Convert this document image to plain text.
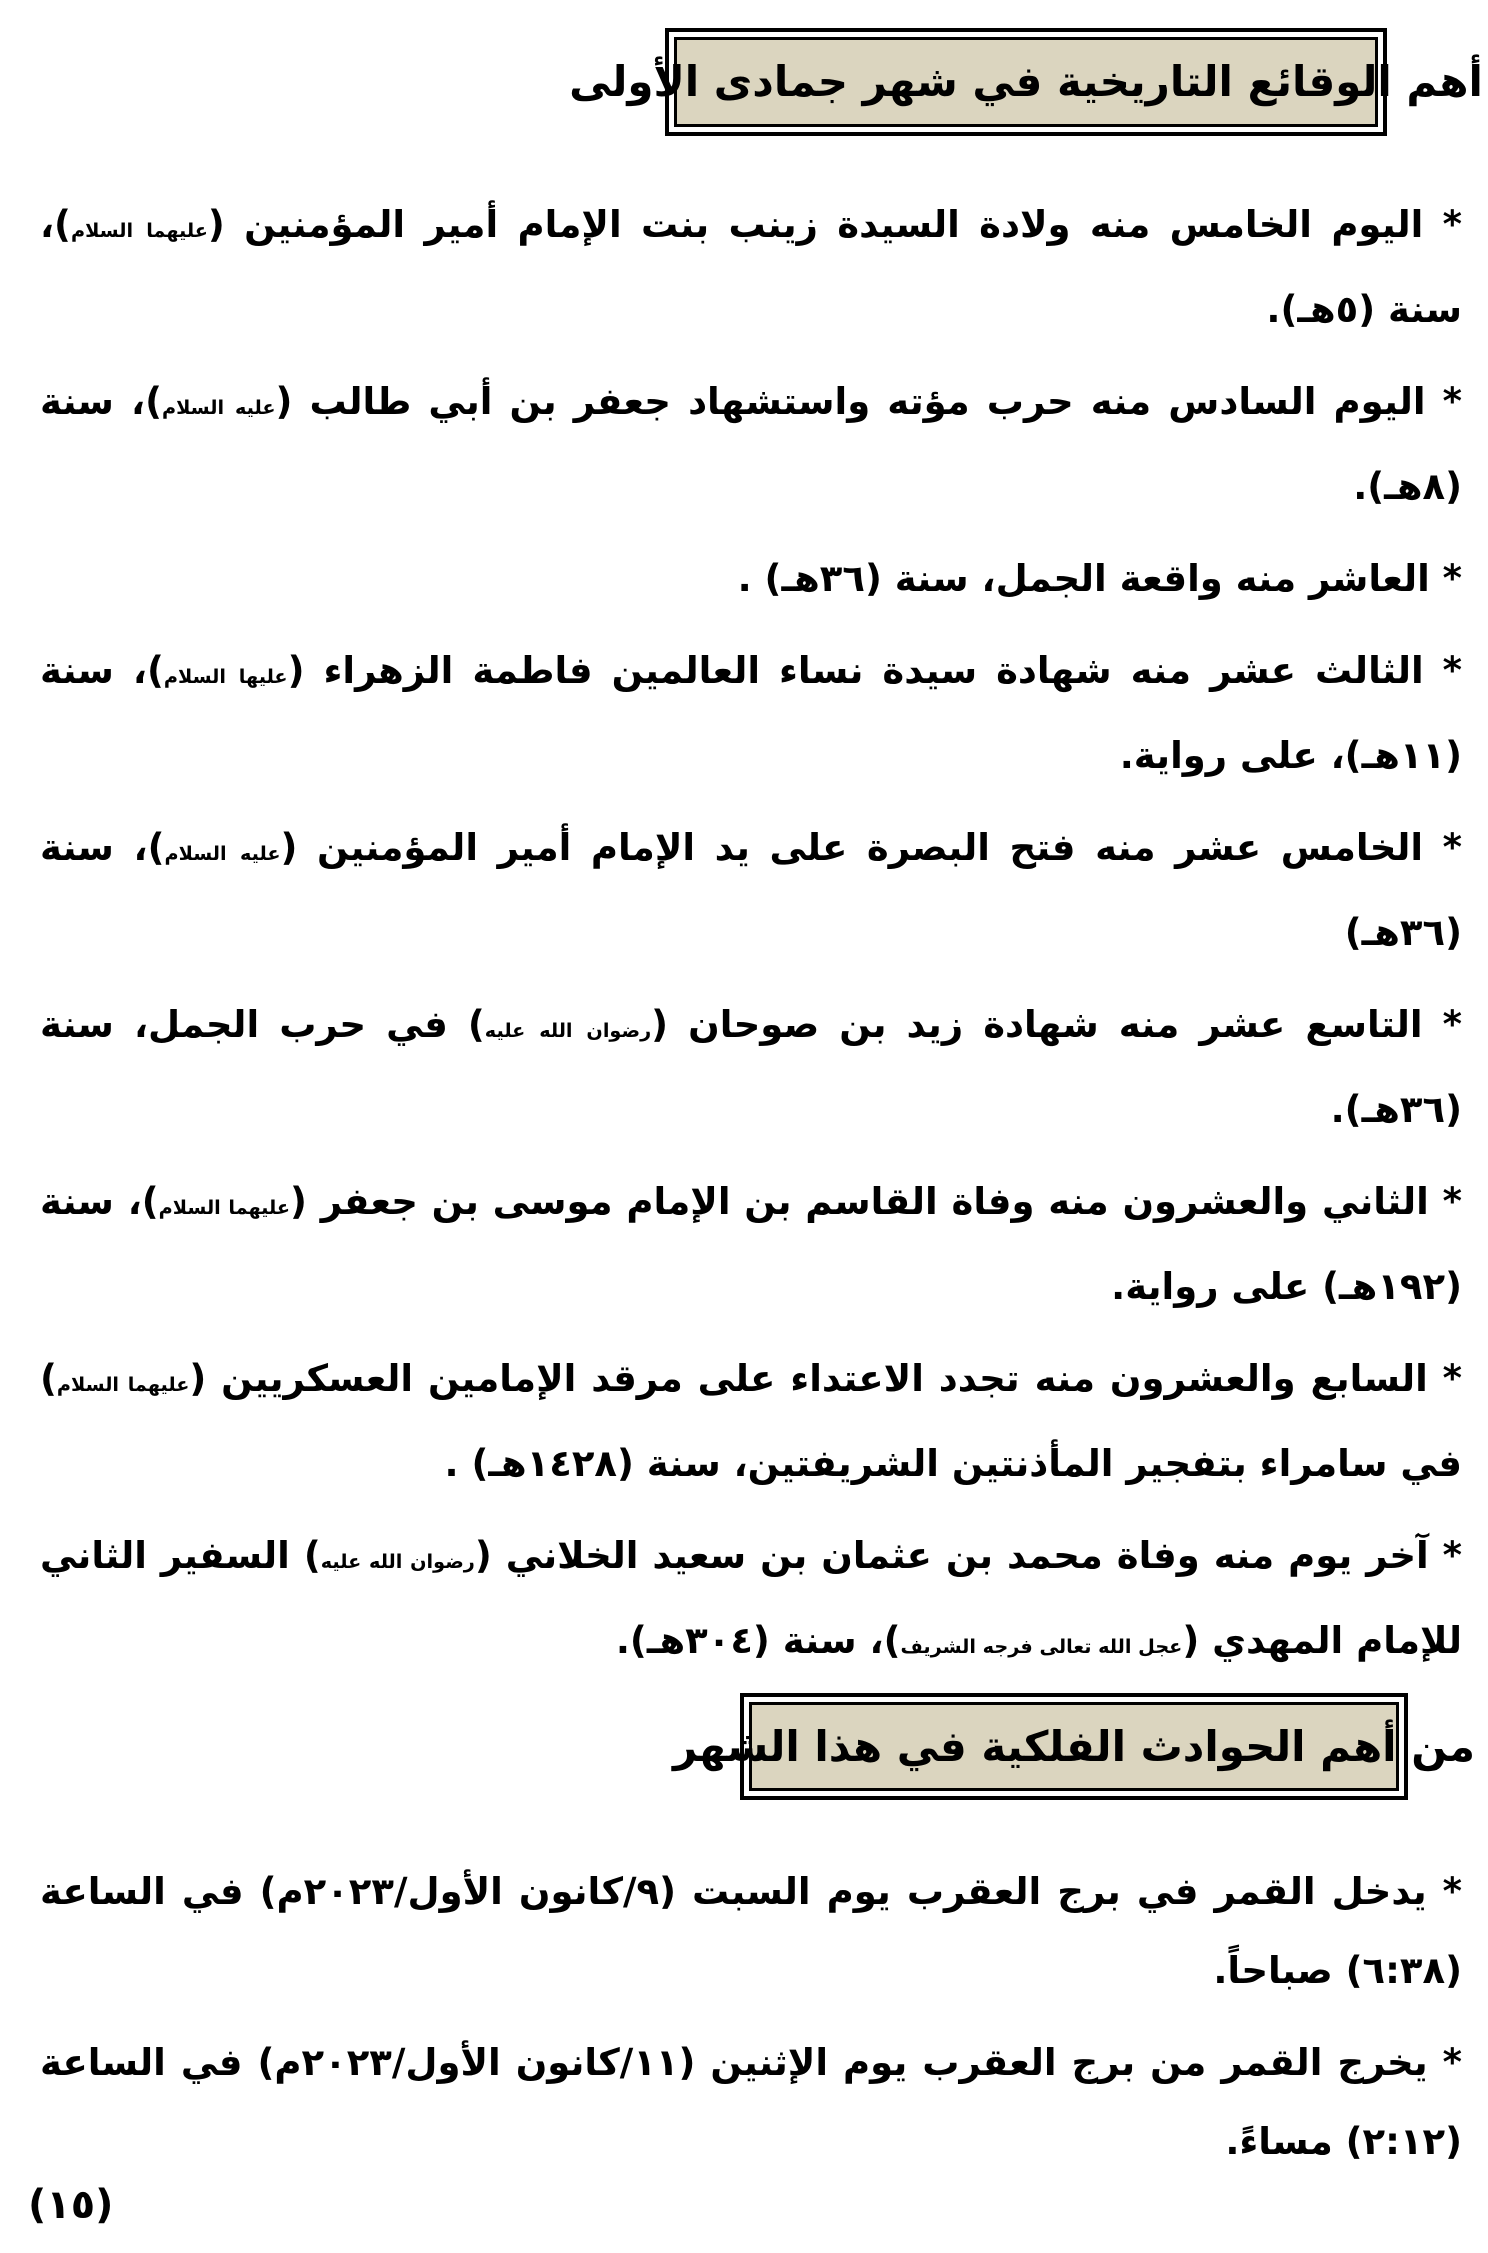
أهم الوقائع التاريخية في شهر جمادى الأولى
* اليوم الخامس منه ولادة السيدة زينب بنت الإمام أمير المؤمنين (عليهما السلام)، سنة (٥هـ).
* اليوم السادس منه حرب مؤته واستشهاد جعفر بن أبي طالب (عليه السلام)، سنة (٨هـ).
* العاشر منه واقعة الجمل، سنة (٣٦هـ) .
* الثالث عشر منه شهادة سيدة نساء العالمين فاطمة الزهراء (عليها السلام)، سنة (١١هـ)، على رواية.
* الخامس عشر منه فتح البصرة على يد الإمام أمير المؤمنين (عليه السلام)، سنة (٣٦هـ)
* التاسع عشر منه شهادة زيد بن صوحان (رضوان الله عليه) في حرب الجمل، سنة (٣٦هـ).
* الثاني والعشرون منه وفاة القاسم بن الإمام موسى بن جعفر (عليهما السلام)، سنة (١٩٢هـ) على رواية.
* السابع والعشرون منه تجدد الاعتداء على مرقد الإمامين العسكريين (عليهما السلام) في سامراء بتفجير المأذنتين الشريفتين، سنة (١٤٢٨هـ) .
* آخر يوم منه وفاة محمد بن عثمان بن سعيد الخلاني (رضوان الله عليه) السفير الثاني للإمام المهدي (عجل الله تعالى فرجه الشريف)، سنة (٣٠٤هـ).
من أهم الحوادث الفلكية في هذا الشهر
* يدخل القمر في برج العقرب يوم السبت (٩/كانون الأول/٢٠٢٣م) في الساعة (٦:٣٨) صباحاً.
* يخرج القمر من برج العقرب يوم الإثنين (١١/كانون الأول/٢٠٢٣م) في الساعة (٢:١٢) مساءً.
(١٥)
